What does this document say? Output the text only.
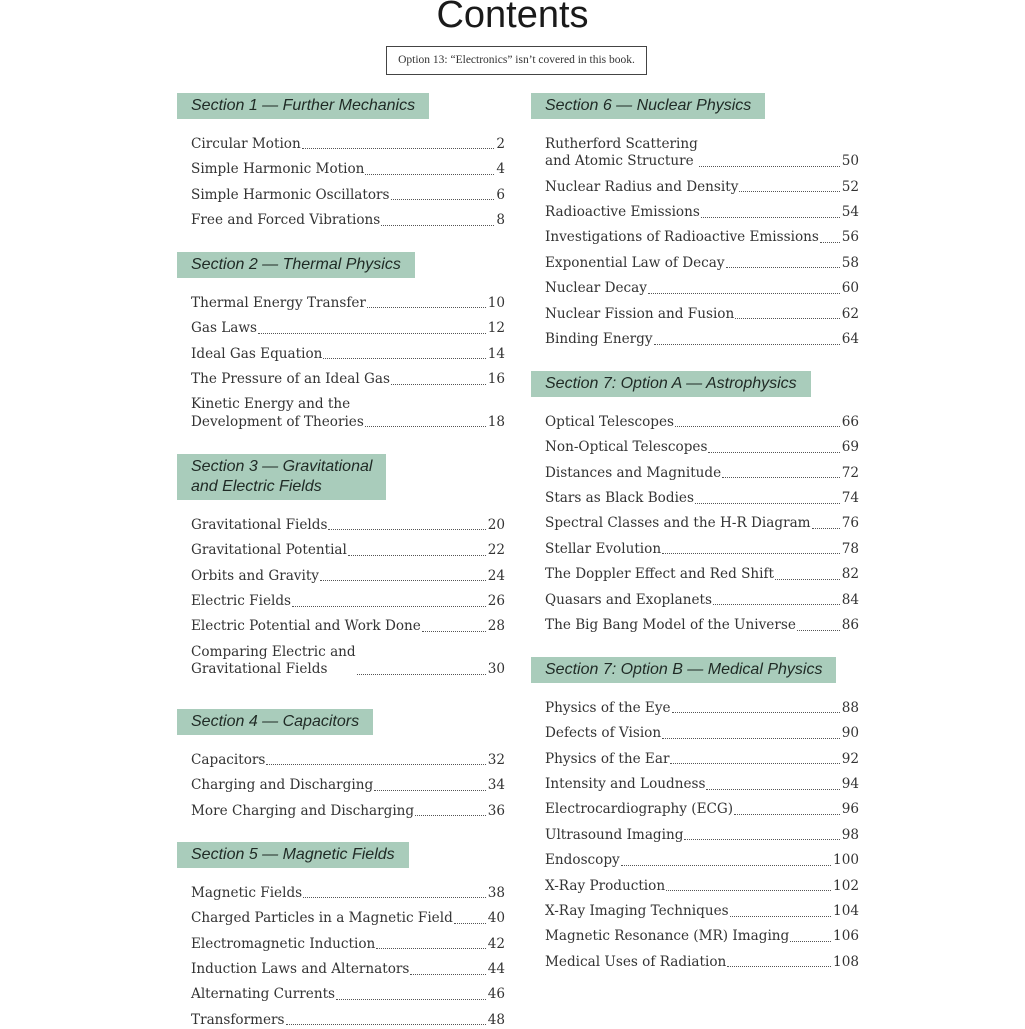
Contents
Option 13: “Electronics” isn’t covered in this book.
Section 1 — Further Mechanics
Circular Motion	2
Simple Harmonic Motion	4
Simple Harmonic Oscillators	6
Free and Forced Vibrations	8
Section 2 — Thermal Physics
Thermal Energy Transfer	10
Gas Laws	12
Ideal Gas Equation	14
The Pressure of an Ideal Gas	16
Kinetic Energy and the
Development of Theories	18
Section 3 — Gravitational
and Electric Fields
Gravitational Fields	20
Gravitational Potential	22
Orbits and Gravity	24
Electric Fields	26
Electric Potential and Work Done	28
Comparing Electric and
Gravitational Fields	30
Section 4 — Capacitors
Capacitors	32
Charging and Discharging	34
More Charging and Discharging	36
Section 5 — Magnetic Fields
Magnetic Fields	38
Charged Particles in a Magnetic Field	40
Electromagnetic Induction	42
Induction Laws and Alternators	44
Alternating Currents	46
Transformers	48
Section 6 — Nuclear Physics
Rutherford Scattering
and Atomic Structure	50
Nuclear Radius and Density	52
Radioactive Emissions	54
Investigations of Radioactive Emissions 56
Exponential Law of Decay	58
Nuclear Decay	60
Nuclear Fission and Fusion	62
Binding Energy	64
Section 7: Option A — Astrophysics
Optical Telescopes	66
Non-Optical Telescopes	69
Distances and Magnitude	72
Stars as Black Bodies	74
Spectral Classes and the H-R Diagram 76
Stellar Evolution	78
The Doppler Effect and Red Shift	82
Quasars and Exoplanets	84
The Big Bang Model of the Universe	86
Section 7: Option B — Medical Physics
Physics of the Eye	88
Defects of Vision	90
Physics of the Ear	92
Intensity and Loudness	94
Electrocardiography (ECG)	96
Ultrasound Imaging	98
Endoscopy	100
X-Ray Production	102
X-Ray Imaging Techniques	104
Magnetic Resonance (MR) Imaging	106
Medical Uses of Radiation	108
